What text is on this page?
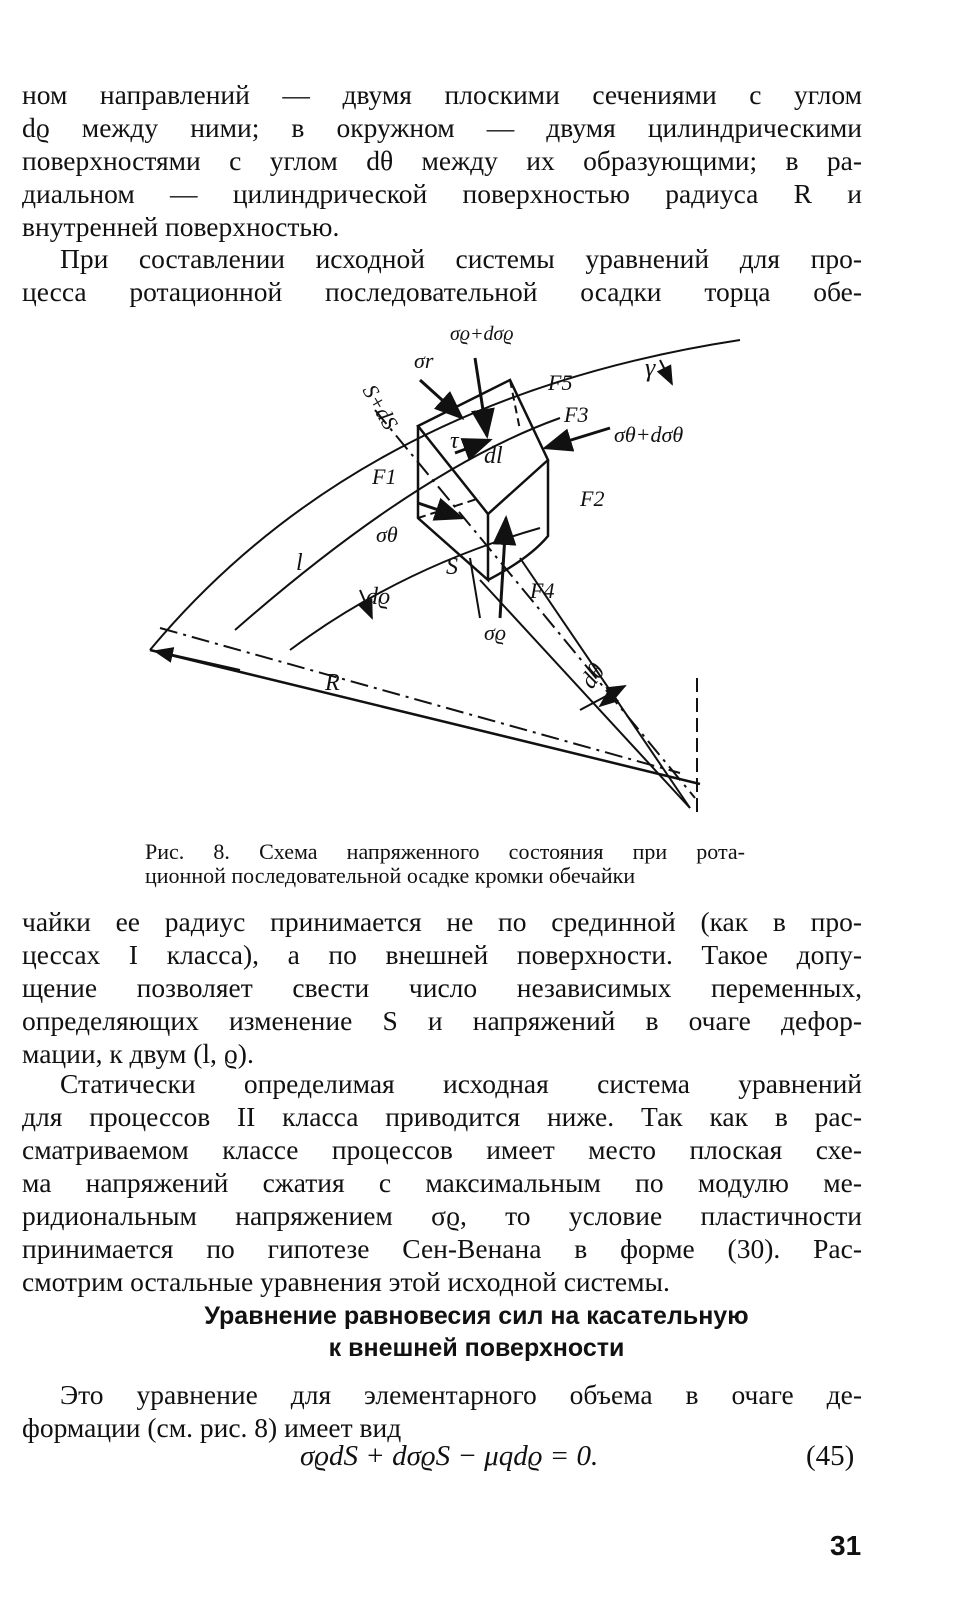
ном направлений — двумя плоскими сечениями с углом
dϱ между ними; в окружном — двумя цилиндрическими
поверхностями с углом dθ между их образующими; в ра-
диальном — цилиндрической поверхностью радиуса R и
внутренней поверхностью.
При составлении исходной системы уравнений для про-
цесса ротационной последовательной осадки торца обе-
σϱ+dσϱ
σr
S+dS	F5
γ
τ
dl
F3
σθ+dσθ
F1
F2
l
σθ
S
dϱ	F4
σϱ
dθ
R
Рис. 8. Схема напряженного состояния при рота-
ционной последовательной осадке кромки обечайки
чайки ее радиус принимается не по срединной (как в про-
цессах I класса), а по внешней поверхности. Такое допу-
щение позволяет свести число независимых переменных,
определяющих изменение S и напряжений в очаге дефор-
мации, к двум (l, ϱ).
Статически определимая исходная система уравнений
для процессов II класса приводится ниже. Так как в рас-
сматриваемом классе процессов имеет место плоская схе-
ма напряжений сжатия с максимальным по модулю ме-
ридиональным напряжением σϱ, то условие пластичности
принимается по гипотезе Сен-Венана в форме (30). Рас-
смотрим остальные уравнения этой исходной системы.
Уравнение равновесия сил на касательную
к внешней поверхности
Это уравнение для элементарного объема в очаге де-
формации (см. рис. 8) имеет вид
σϱdS + dσϱS − μqdϱ = 0.	(45)
31
